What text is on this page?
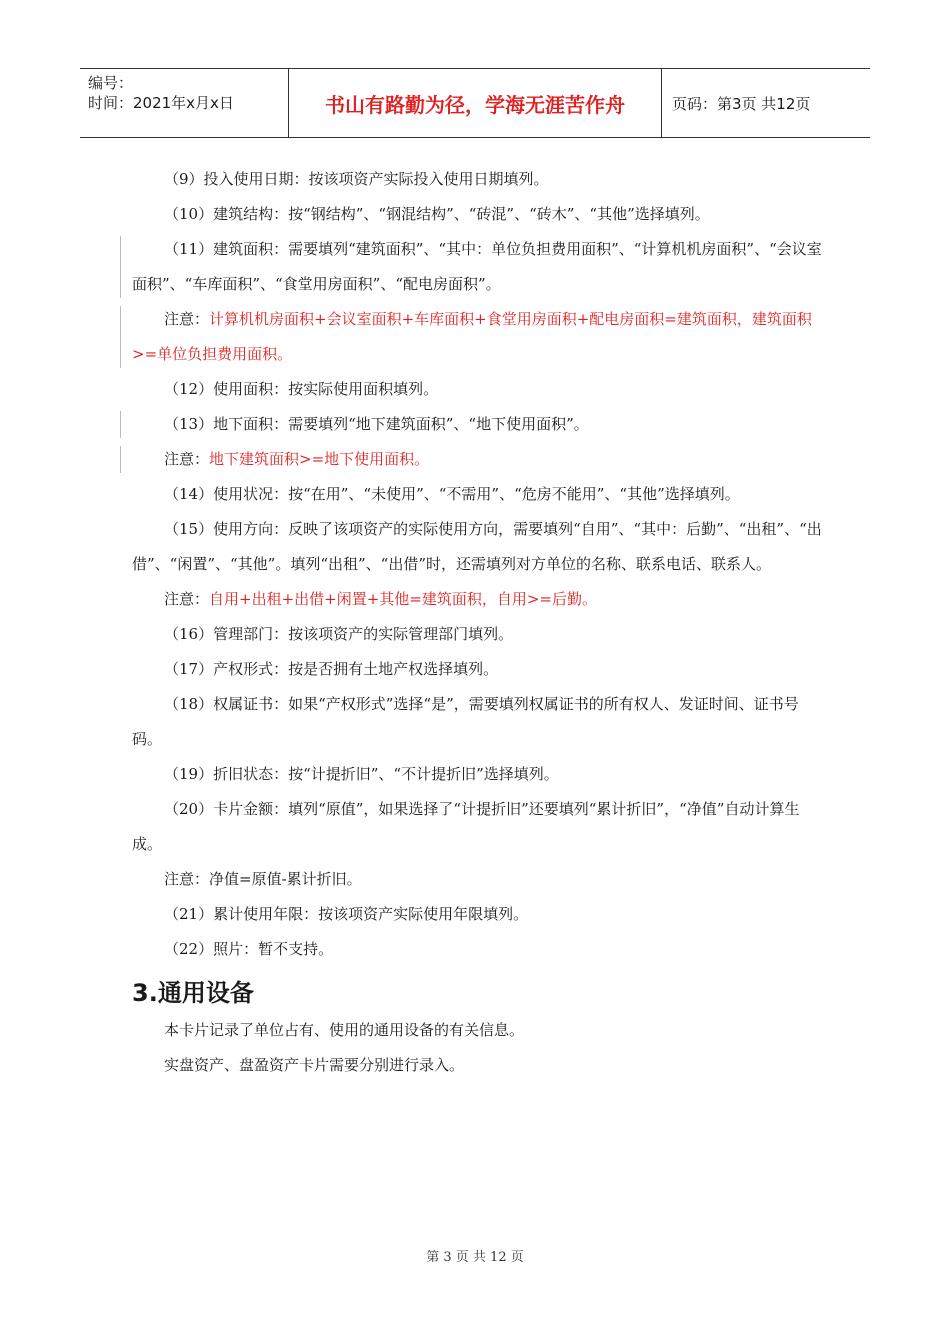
编号：
时间：2021年x月x日	书山有路勤为径，学海无涯苦作舟	页码：第3页 共12页

（9）投入使用日期：按该项资产实际投入使用日期填列。

（10）建筑结构：按“钢结构”、“钢混结构”、“砖混”、“砖木”、“其他”选择填列。

（11）建筑面积：需要填列“建筑面积”、“其中：单位负担费用面积”、“计算机机房面积”、“会议室面积”、“车库面积”、“食堂用房面积”、“配电房面积”。

注意：计算机机房面积+会议室面积+车库面积+食堂用房面积+配电房面积=建筑面积，建筑面积>=单位负担费用面积。

（12）使用面积：按实际使用面积填列。

（13）地下面积：需要填列“地下建筑面积”、“地下使用面积”。

注意：地下建筑面积>=地下使用面积。

（14）使用状况：按“在用”、“未使用”、“不需用”、“危房不能用”、“其他”选择填列。

（15）使用方向：反映了该项资产的实际使用方向，需要填列“自用”、“其中：后勤”、“出租”、“出借”、“闲置”、“其他”。填列“出租”、“出借”时，还需填列对方单位的名称、联系电话、联系人。

注意：自用+出租+出借+闲置+其他=建筑面积，自用>=后勤。

（16）管理部门：按该项资产的实际管理部门填列。

（17）产权形式：按是否拥有土地产权选择填列。

（18）权属证书：如果“产权形式”选择“是”，需要填列权属证书的所有权人、发证时间、证书号码。

（19）折旧状态：按“计提折旧”、“不计提折旧”选择填列。

（20）卡片金额：填列“原值”，如果选择了“计提折旧”还要填列“累计折旧”，“净值”自动计算生成。

注意：净值=原值-累计折旧。

（21）累计使用年限：按该项资产实际使用年限填列。

（22）照片：暂不支持。

3.通用设备

本卡片记录了单位占有、使用的通用设备的有关信息。

实盘资产、盘盈资产卡片需要分别进行录入。

第 3 页 共 12 页
